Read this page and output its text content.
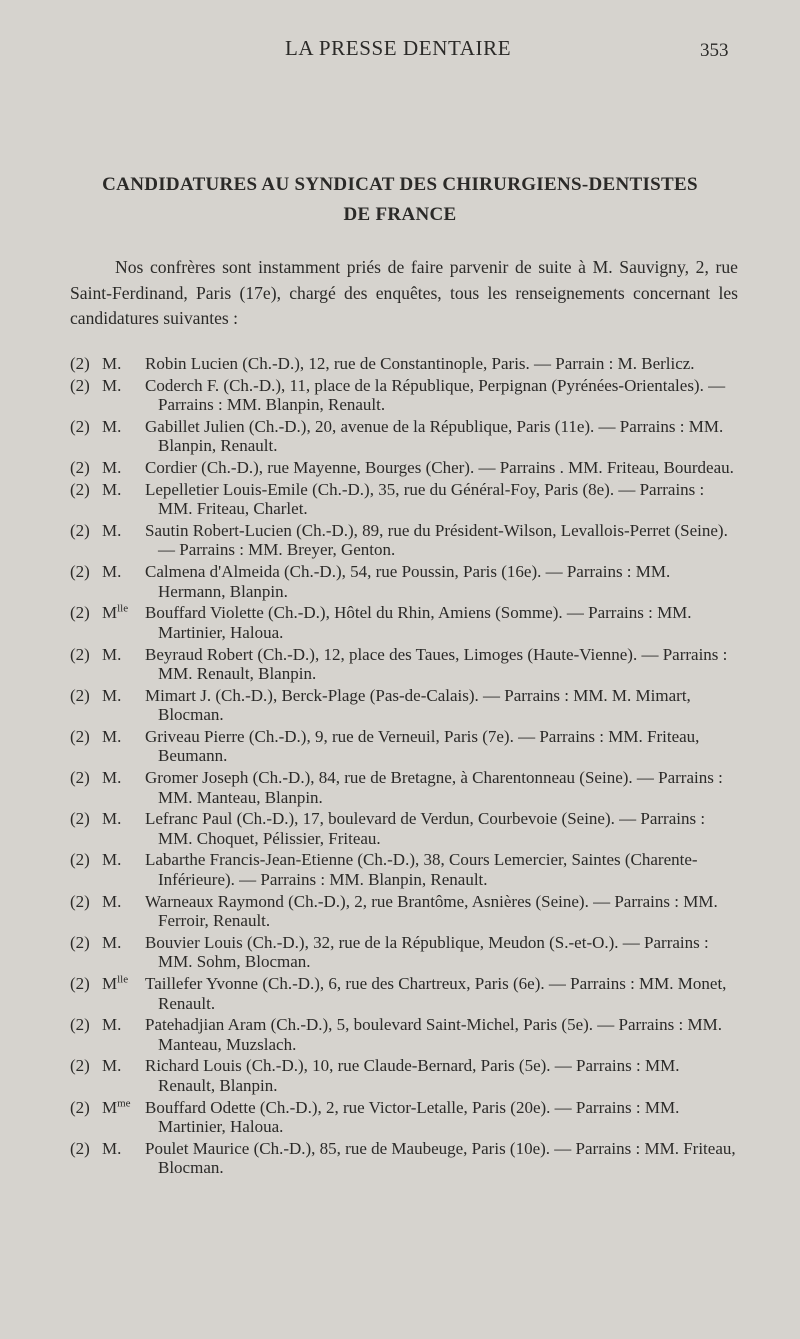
LA PRESSE DENTAIRE	353
CANDIDATURES AU SYNDICAT DES CHIRURGIENS-DENTISTES
DE FRANCE

Nos confrères sont instamment priés de faire parvenir de suite à M. Sauvigny, 2, rue Saint-Ferdinand, Paris (17e), chargé des enquêtes, tous les renseignements concernant les candidatures suivantes :

(2) M. Robin Lucien (Ch.-D.), 12, rue de Constantinople, Paris. — Parrain : M. Berlicz.
(2) M. Coderch F. (Ch.-D.), 11, place de la République, Perpignan (Pyrénées-Orientales). — Parrains : MM. Blanpin, Renault.
(2) M. Gabillet Julien (Ch.-D.), 20, avenue de la République, Paris (11e). — Parrains : MM. Blanpin, Renault.
(2) M. Cordier (Ch.-D.), rue Mayenne, Bourges (Cher). — Parrains . MM. Friteau, Bourdeau.
(2) M. Lepelletier Louis-Emile (Ch.-D.), 35, rue du Général-Foy, Paris (8e). — Parrains : MM. Friteau, Charlet.
(2) M. Sautin Robert-Lucien (Ch.-D.), 89, rue du Président-Wilson, Levallois-Perret (Seine). — Parrains : MM. Breyer, Genton.
(2) M. Calmena d'Almeida (Ch.-D.), 54, rue Poussin, Paris (16e). — Parrains : MM. Hermann, Blanpin.
(2) $M^{lle}$ Bouffard Violette (Ch.-D.), Hôtel du Rhin, Amiens (Somme). — Parrains : MM. Martinier, Haloua.
(2) M. Beyraud Robert (Ch.-D.), 12, place des Taues, Limoges (Haute-Vienne). — Parrains : MM. Renault, Blanpin.
(2) M. Mimart J. (Ch.-D.), Berck-Plage (Pas-de-Calais). — Parrains : MM. M. Mimart, Blocman.
(2) M. Griveau Pierre (Ch.-D.), 9, rue de Verneuil, Paris (7e). — Parrains : MM. Friteau, Beumann.
(2) M. Gromer Joseph (Ch.-D.), 84, rue de Bretagne, à Charentonneau (Seine). — Parrains : MM. Manteau, Blanpin.
(2) M. Lefranc Paul (Ch.-D.), 17, boulevard de Verdun, Courbevoie (Seine). — Parrains : MM. Choquet, Pélissier, Friteau.
(2) M. Labarthe Francis-Jean-Etienne (Ch.-D.), 38, Cours Lemercier, Saintes (Charente-Inférieure). — Parrains : MM. Blanpin, Renault.
(2) M. Warneaux Raymond (Ch.-D.), 2, rue Brantôme, Asnières (Seine). — Parrains : MM. Ferroir, Renault.
(2) M. Bouvier Louis (Ch.-D.), 32, rue de la République, Meudon (S.-et-O.). — Parrains : MM. Sohm, Blocman.
(2) $M^{lle}$ Taillefer Yvonne (Ch.-D.), 6, rue des Chartreux, Paris (6e). — Parrains : MM. Monet, Renault.
(2) M. Patehadjian Aram (Ch.-D.), 5, boulevard Saint-Michel, Paris (5e). — Parrains : MM. Manteau, Muzslach.
(2) M. Richard Louis (Ch.-D.), 10, rue Claude-Bernard, Paris (5e). — Parrains : MM. Renault, Blanpin.
(2) $M^{me}$ Bouffard Odette (Ch.-D.), 2, rue Victor-Letalle, Paris (20e). — Parrains : MM. Martinier, Haloua.
(2) M. Poulet Maurice (Ch.-D.), 85, rue de Maubeuge, Paris (10e). — Parrains : MM. Friteau, Blocman.
